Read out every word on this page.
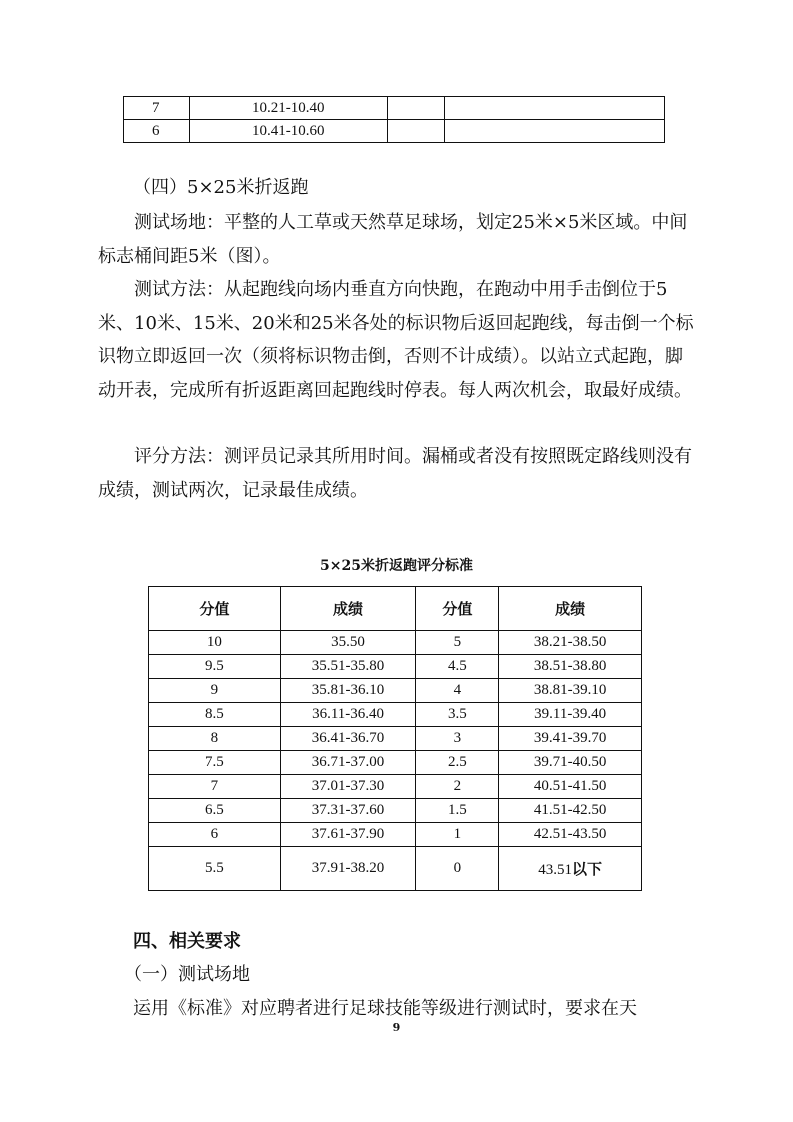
7	10.21-10.40		
6	10.41-10.60		

（四）5×25米折返跑

测试场地：平整的人工草或天然草足球场，划定25米×5米区域。中间标志桶间距5米（图）。

测试方法：从起跑线向场内垂直方向快跑，在跑动中用手击倒位于5米、10米、15米、20米和25米各处的标识物后返回起跑线，每击倒一个标识物立即返回一次（须将标识物击倒，否则不计成绩）。以站立式起跑，脚动开表，完成所有折返距离回起跑线时停表。每人两次机会，取最好成绩。

评分方法：测评员记录其所用时间。漏桶或者没有按照既定路线则没有成绩，测试两次，记录最佳成绩。

5×25米折返跑评分标准

分值	成绩	分值	成绩
10	35.50	5	38.21-38.50
9.5	35.51-35.80	4.5	38.51-38.80
9	35.81-36.10	4	38.81-39.10
8.5	36.11-36.40	3.5	39.11-39.40
8	36.41-36.70	3	39.41-39.70
7.5	36.71-37.00	2.5	39.71-40.50
7	37.01-37.30	2	40.51-41.50
6.5	37.31-37.60	1.5	41.51-42.50
6	37.61-37.90	1	42.51-43.50
5.5	37.91-38.20	0	43.51以下

四、相关要求

（一）测试场地

运用《标准》对应聘者进行足球技能等级进行测试时，要求在天

9
